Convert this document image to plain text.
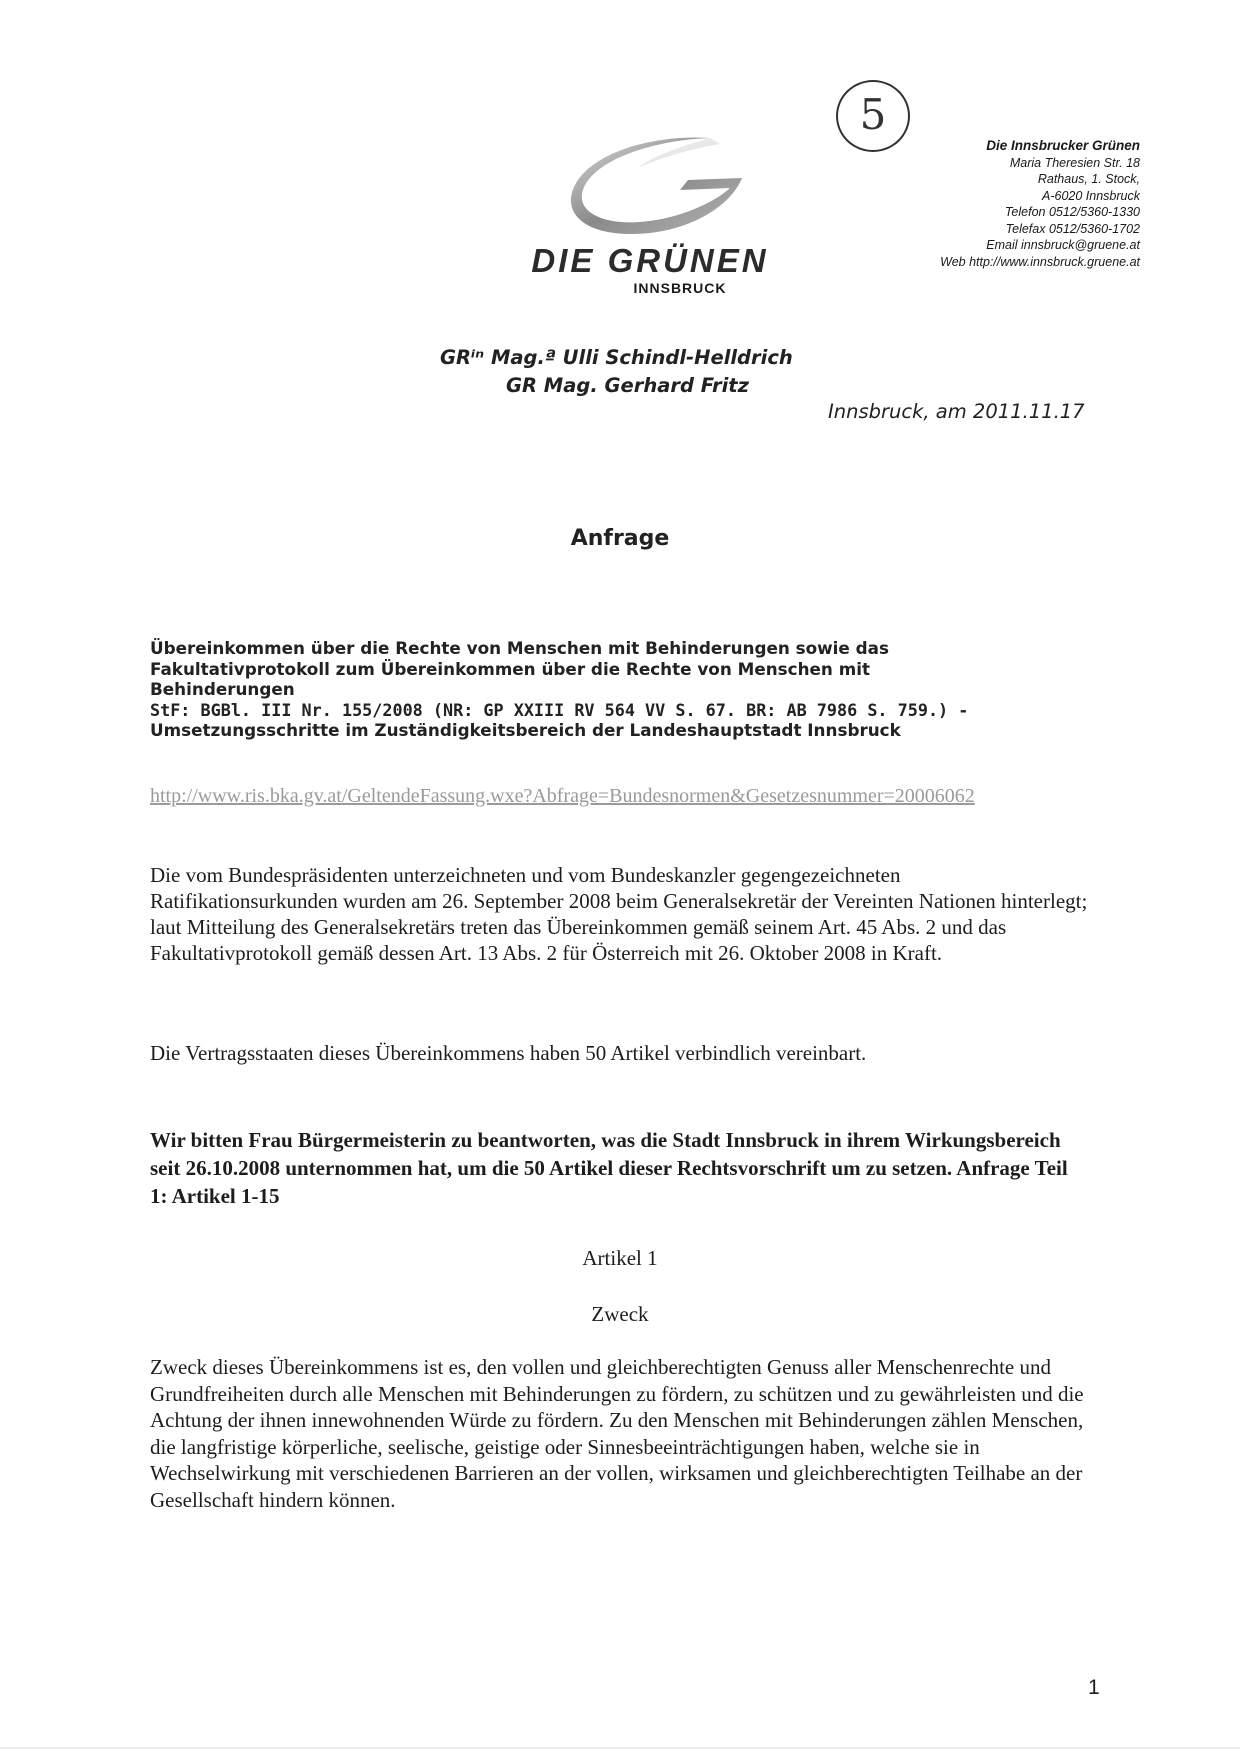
DIE GRÜNEN
INNSBRUCK
5
Die Innsbrucker Grünen
Maria Theresien Str. 18
Rathaus, 1. Stock,
A-6020 Innsbruck
Telefon 0512/5360-1330
Telefax 0512/5360-1702
Email innsbruck@gruene.at
Web http://www.innsbruck.gruene.at
GRⁱⁿ Mag.ª Ulli Schindl-Helldrich
GR Mag. Gerhard Fritz
Innsbruck, am 2011.11.17
Anfrage
Übereinkommen über die Rechte von Menschen mit Behinderungen sowie das
Fakultativprotokoll zum Übereinkommen über die Rechte von Menschen mit
Behinderungen
StF: BGBl. III Nr. 155/2008 (NR: GP XXIII RV 564 VV S. 67. BR: AB 7986 S. 759.) -
Umsetzungsschritte im Zuständigkeitsbereich der Landeshauptstadt Innsbruck
http://www.ris.bka.gv.at/GeltendeFassung.wxe?Abfrage=Bundesnormen&Gesetzesnummer=20006062
Die vom Bundespräsidenten unterzeichneten und vom Bundeskanzler gegengezeichneten Ratifikationsurkunden wurden am 26. September 2008 beim Generalsekretär der Vereinten Nationen hinterlegt; laut Mitteilung des Generalsekretärs treten das Übereinkommen gemäß seinem Art. 45 Abs. 2 und das Fakultativprotokoll gemäß dessen Art. 13 Abs. 2 für Österreich mit 26. Oktober 2008 in Kraft.
Die Vertragsstaaten dieses Übereinkommens haben 50 Artikel verbindlich vereinbart.
Wir bitten Frau Bürgermeisterin zu beantworten, was die Stadt Innsbruck in ihrem Wirkungsbereich seit 26.10.2008 unternommen hat, um die 50 Artikel dieser Rechtsvorschrift um zu setzen. Anfrage Teil 1: Artikel 1-15
Artikel 1
Zweck
Zweck dieses Übereinkommens ist es, den vollen und gleichberechtigten Genuss aller Menschenrechte und Grundfreiheiten durch alle Menschen mit Behinderungen zu fördern, zu schützen und zu gewährleisten und die Achtung der ihnen innewohnenden Würde zu fördern. Zu den Menschen mit Behinderungen zählen Menschen, die langfristige körperliche, seelische, geistige oder Sinnesbeeinträchtigungen haben, welche sie in Wechselwirkung mit verschiedenen Barrieren an der vollen, wirksamen und gleichberechtigten Teilhabe an der Gesellschaft hindern können.
1
